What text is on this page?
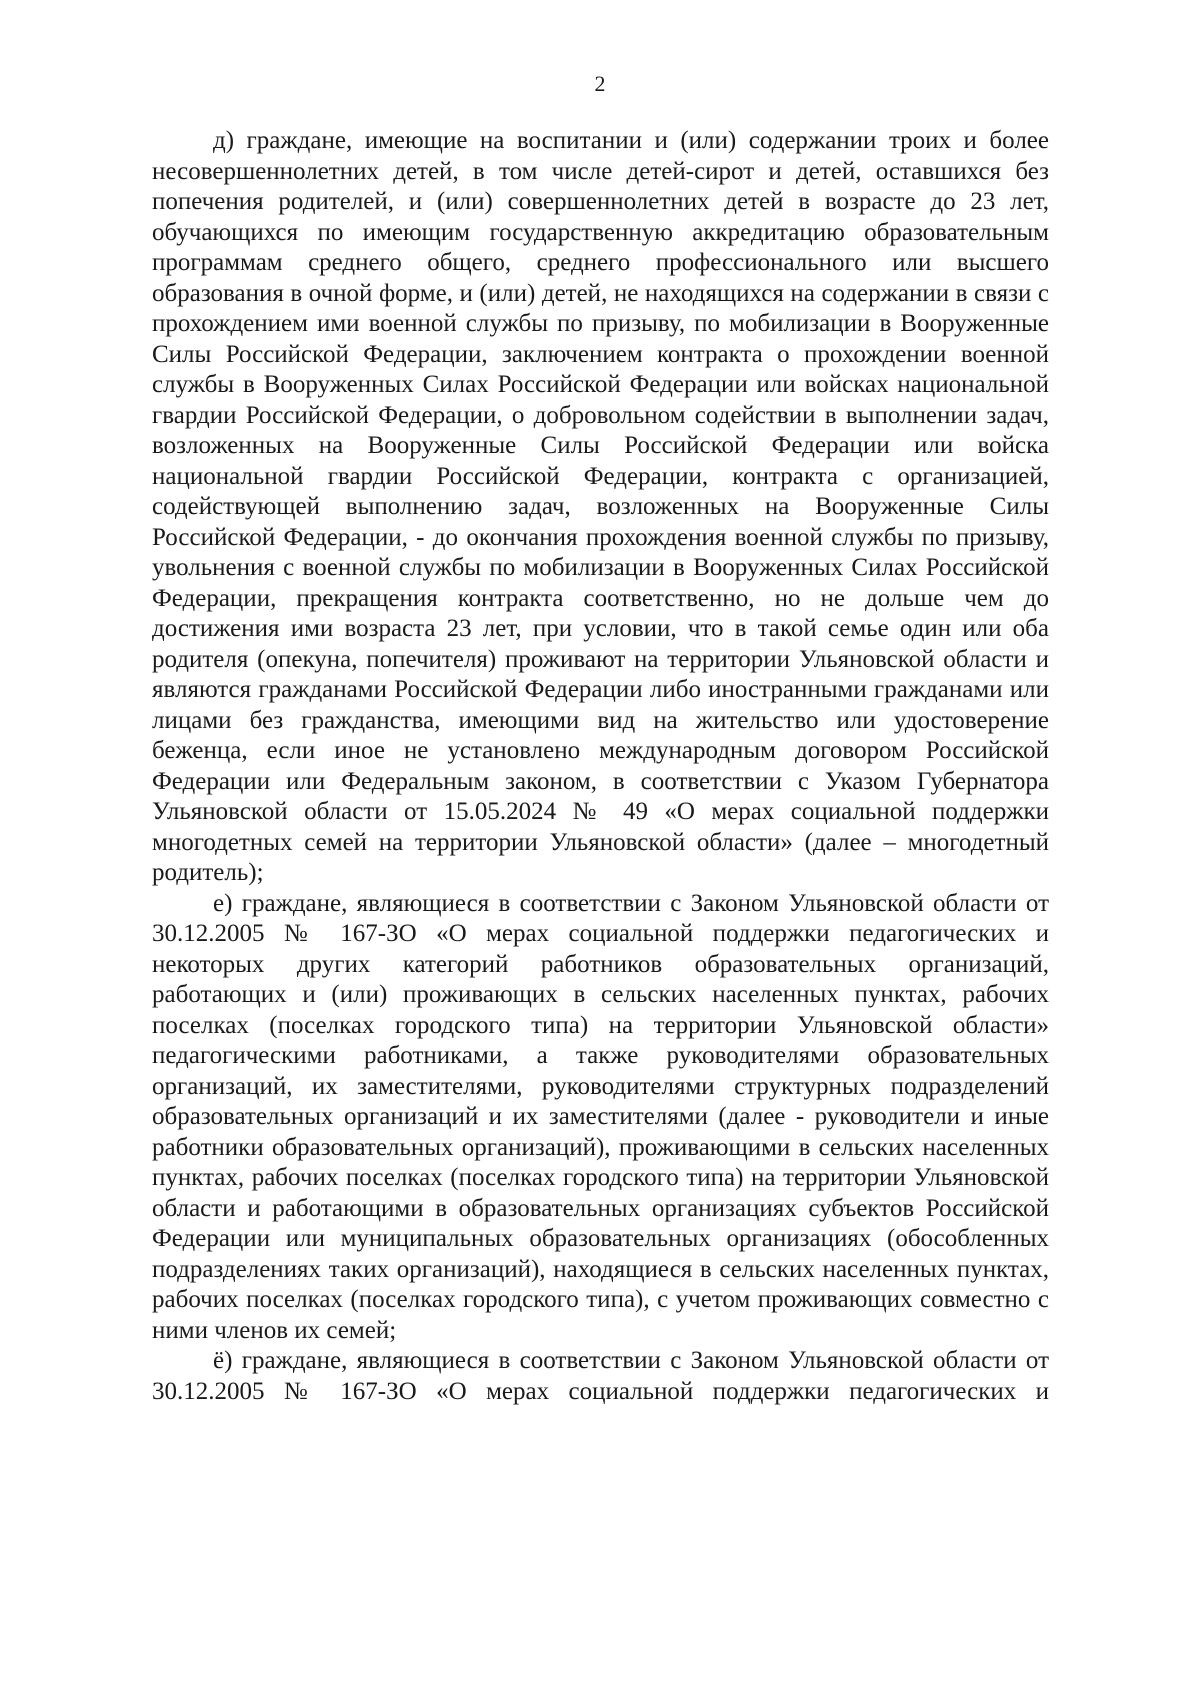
2

д) граждане, имеющие на воспитании и (или) содержании троих и более несовершеннолетних детей, в том числе детей-сирот и детей, оставшихся без попечения родителей, и (или) совершеннолетних детей в возрасте до 23 лет, обучающихся по имеющим государственную аккредитацию образовательным программам среднего общего, среднего профессионального или высшего образования в очной форме, и (или) детей, не находящихся на содержании в связи с прохождением ими военной службы по призыву, по мобилизации в Вооруженные Силы Российской Федерации, заключением контракта о прохождении военной службы в Вооруженных Силах Российской Федерации или войсках национальной гвардии Российской Федерации, о добровольном содействии в выполнении задач, возложенных на Вооруженные Силы Российской Федерации или войска национальной гвардии Российской Федерации, контракта с организацией, содействующей выполнению задач, возложенных на Вооруженные Силы Российской Федерации, - до окончания прохождения военной службы по призыву, увольнения с военной службы по мобилизации в Вооруженных Силах Российской Федерации, прекращения контракта соответственно, но не дольше чем до достижения ими возраста 23 лет, при условии, что в такой семье один или оба родителя (опекуна, попечителя) проживают на территории Ульяновской области и являются гражданами Российской Федерации либо иностранными гражданами или лицами без гражданства, имеющими вид на жительство или удостоверение беженца, если иное не установлено международным договором Российской Федерации или Федеральным законом, в соответствии с Указом Губернатора Ульяновской области от 15.05.2024 № 49 «О мерах социальной поддержки многодетных семей на территории Ульяновской области» (далее – многодетный родитель);

е) граждане, являющиеся в соответствии с Законом Ульяновской области от 30.12.2005 № 167-ЗО «О мерах социальной поддержки педагогических и некоторых других категорий работников образовательных организаций, работающих и (или) проживающих в сельских населенных пунктах, рабочих поселках (поселках городского типа) на территории Ульяновской области» педагогическими работниками, а также руководителями образовательных организаций, их заместителями, руководителями структурных подразделений образовательных организаций и их заместителями (далее - руководители и иные работники образовательных организаций), проживающими в сельских населенных пунктах, рабочих поселках (поселках городского типа) на территории Ульяновской области и работающими в образовательных организациях субъектов Российской Федерации или муниципальных образовательных организациях (обособленных подразделениях таких организаций), находящиеся в сельских населенных пунктах, рабочих поселках (поселках городского типа), с учетом проживающих совместно с ними членов их семей;

ё) граждане, являющиеся в соответствии с Законом Ульяновской области от 30.12.2005 № 167-ЗО «О мерах социальной поддержки педагогических и
